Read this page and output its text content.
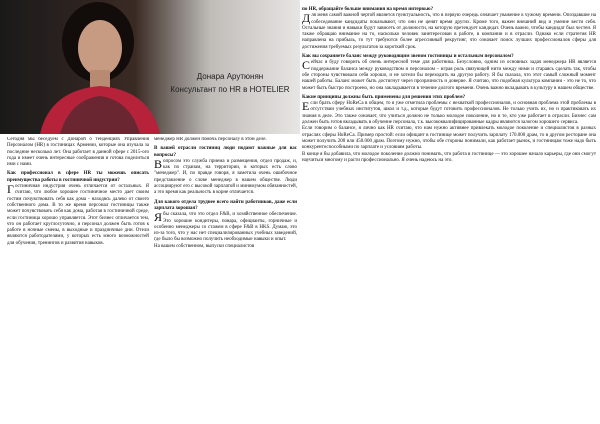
Донара Арутюнян
Консультант по HR в HOTELIER

Сегодня мы беседуем с Донарой о тенденциях Управления Персоналом (HR) в гостиницах Армении, которые она изучала за последние несколько лет. Она работает в данной сфере с 2015-ого года и имеет очень интересные соображения и готова поделиться ими с нами.

Как профессионал в сфере HR ты можешь описать преимущества работы в гостиничной индустрии?

Гостиничная индустрия очень отличается от остальных. Я считаю, что любое хорошее гостиничное место дает своим гостям почувствовать себя как дома - находясь далеко от своего собственного дома. В то же время персонал гостиницы также может почувствовать себя как дома, работая в гостиничной среде, если гостиница хорошо управляется. Этот бизнес отличается тем, что он работает круглосуточно, и персонал должен быть готов к работе в ночные смены, в выходные и праздничные дни. Отели являются работодателями, у которых есть много возможностей для обучения, тренингов и развития навыков.

менеджер HR должен помочь персоналу в этом деле.

В вашей отрасли гостиниц люди подают важные для вас вопросы?

Вопросом это служба приема и размещения, отдел продаж, и, как по странам, на территории, в которых есть слово "менеджер". И, по правде говоря, я заметила очень ошибочное представление о слове менеджер в нашем обществе. Люди ассоциируют его с высокой зарплатой и минимумом обязанностей, а это время как реальность в корне отличается.

Для какого отдела труднее всего найти работников, даже если зарплата хорошая?

Ябы сказала, что это отдел F&B, и хозяйственное обеспечение. Это хорошие кондитеры, повара, официанты, горничные и особенно менеджеры со стажем в сфере F&B в HKS. Думаю, это из-за того, что у нас нет специализированных учебных заведений, где было бы возможно получить необходимые навыки и опыт.

На вашем собственном, выпуски специалистов

по HR, обращайте больше внимания на время интервью?

Для меня самой важной чертой является пунктуальность, что в первую очередь означает уважение к чужому времени. Опоздавшие на собеседование кандидаты показывают, что они не ценят время других. Кроме того, важен внешний вид и умение вести себя. Остальные знания и навыки будут зависеть от должности, на которую претендует кандидат. Очень важно, чтобы кандидат был честен. Я также обращаю внимание на то, насколько человек заинтересован в работе, в компании и в отрасли. Однако если стратегия HR направлена на прибыль, то тут требуются более агрессивный рекрутинг, что означает поиск лучших профессионалов сферы для достижения требуемых результатов за короткий срок.

Как вы сохраняете баланс между руководящим звеном гостиницы и остальным персоналом?

Сейчас я буду говорить об очень интересной теме для работника. Безусловно, одним из основных задач менеджера HR является поддержание баланса между руководством и персоналом – играя роль связующей нити между ними и стараясь сделать так, чтобы обе стороны чувствовали себя хорошо, и не хотели бы переходить на другую работу. Я бы сказала, что этот самый сложный момент нашей работы. Баланс может быть достигнут через прозрачность и доверие. Я считаю, что подобная культура компании - это не то, что может быть быстро построено, но она закладывается в течение долгого времени. Очень важно вкладывать в культуру в нашем обществе.

Какие принципы должны быть применены для решения этих проблем?

Если брать сферу HoReCa в общем, то я уже отметила проблемы с нехваткой профессионалов, и основная проблема этой проблемы в отсутствии учебных институтов, школ и т.д., которые будут готовить профессионалов. Не только учить их, но и практиковать их знания в деле. Это также означает, что учиться должно не только молодое поколение, но и те, кто уже работает в отрасли. Бизнес сам должен быть готов вкладывать в обучение персонала, т.к. высококвалифицированные кадры являются залогом хорошего сервиса.

Если говорим о балансе, я лично как HR считаю, что нам нужно активнее привлекать молодое поколение и специалистов в разных отраслях сферы HoReCa. Пример простой: если офицант в гостинице может получить зарплату 170.000 драм, то в другом ресторане она может получить 200 или 450.000 драм. Поэтому нужно, чтобы обе стороны понимали, как работает рынок, и гостиницам тоже надо быть конкурентоспособными по зарплате и условиям работы.

В конце я бы добавила, что молодое поколение должно понимать, что работа в гостинице — это хорошее начало карьеры, где они смогут научиться многому и расти профессионально. Я очень надеюсь на это.
